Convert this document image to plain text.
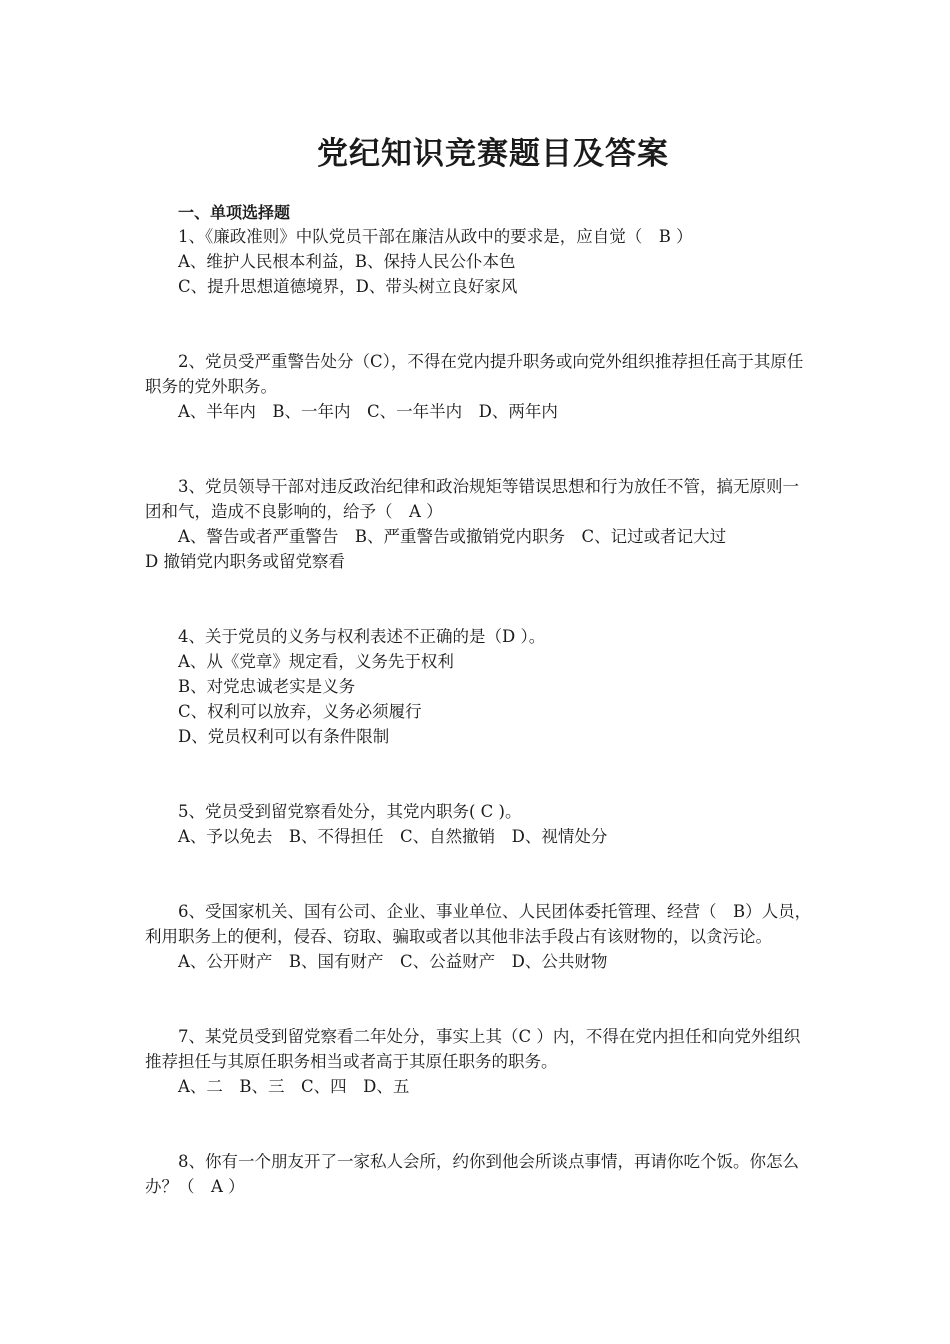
党纪知识竞赛题目及答案
一、单项选择题

1、《廉政准则》中队党员干部在廉洁从政中的要求是，应自觉（　B ）

A、维护人民根本利益，B、保持人民公仆本色

C、提升思想道德境界，D、带头树立良好家风

2、党员受严重警告处分（C），不得在党内提升职务或向党外组织推荐担任高于其原任职务的党外职务。

A、半年内　B、一年内　C、一年半内　D、两年内

3、党员领导干部对违反政治纪律和政治规矩等错误思想和行为放任不管，搞无原则一团和气，造成不良影响的，给予（　A ）

A、警告或者严重警告　B、严重警告或撤销党内职务　C、记过或者记大过

D 撤销党内职务或留党察看

4、关于党员的义务与权利表述不正确的是（D ）。

A、从《党章》规定看，义务先于权利

B、对党忠诚老实是义务

C、权利可以放弃，义务必须履行

D、党员权利可以有条件限制

5、党员受到留党察看处分，其党内职务( C )。

A、予以免去　B、不得担任　C、自然撤销　D、视情处分

6、受国家机关、国有公司、企业、事业单位、人民团体委托管理、经营（　B）人员，利用职务上的便利，侵吞、窃取、骗取或者以其他非法手段占有该财物的，以贪污论。

A、公开财产　B、国有财产　C、公益财产　D、公共财物

7、某党员受到留党察看二年处分，事实上其（C ）内，不得在党内担任和向党外组织推荐担任与其原任职务相当或者高于其原任职务的职务。

A、二　B、三　C、四　D、五

8、你有一个朋友开了一家私人会所，约你到他会所谈点事情，再请你吃个饭。你怎么办？（　A ）
